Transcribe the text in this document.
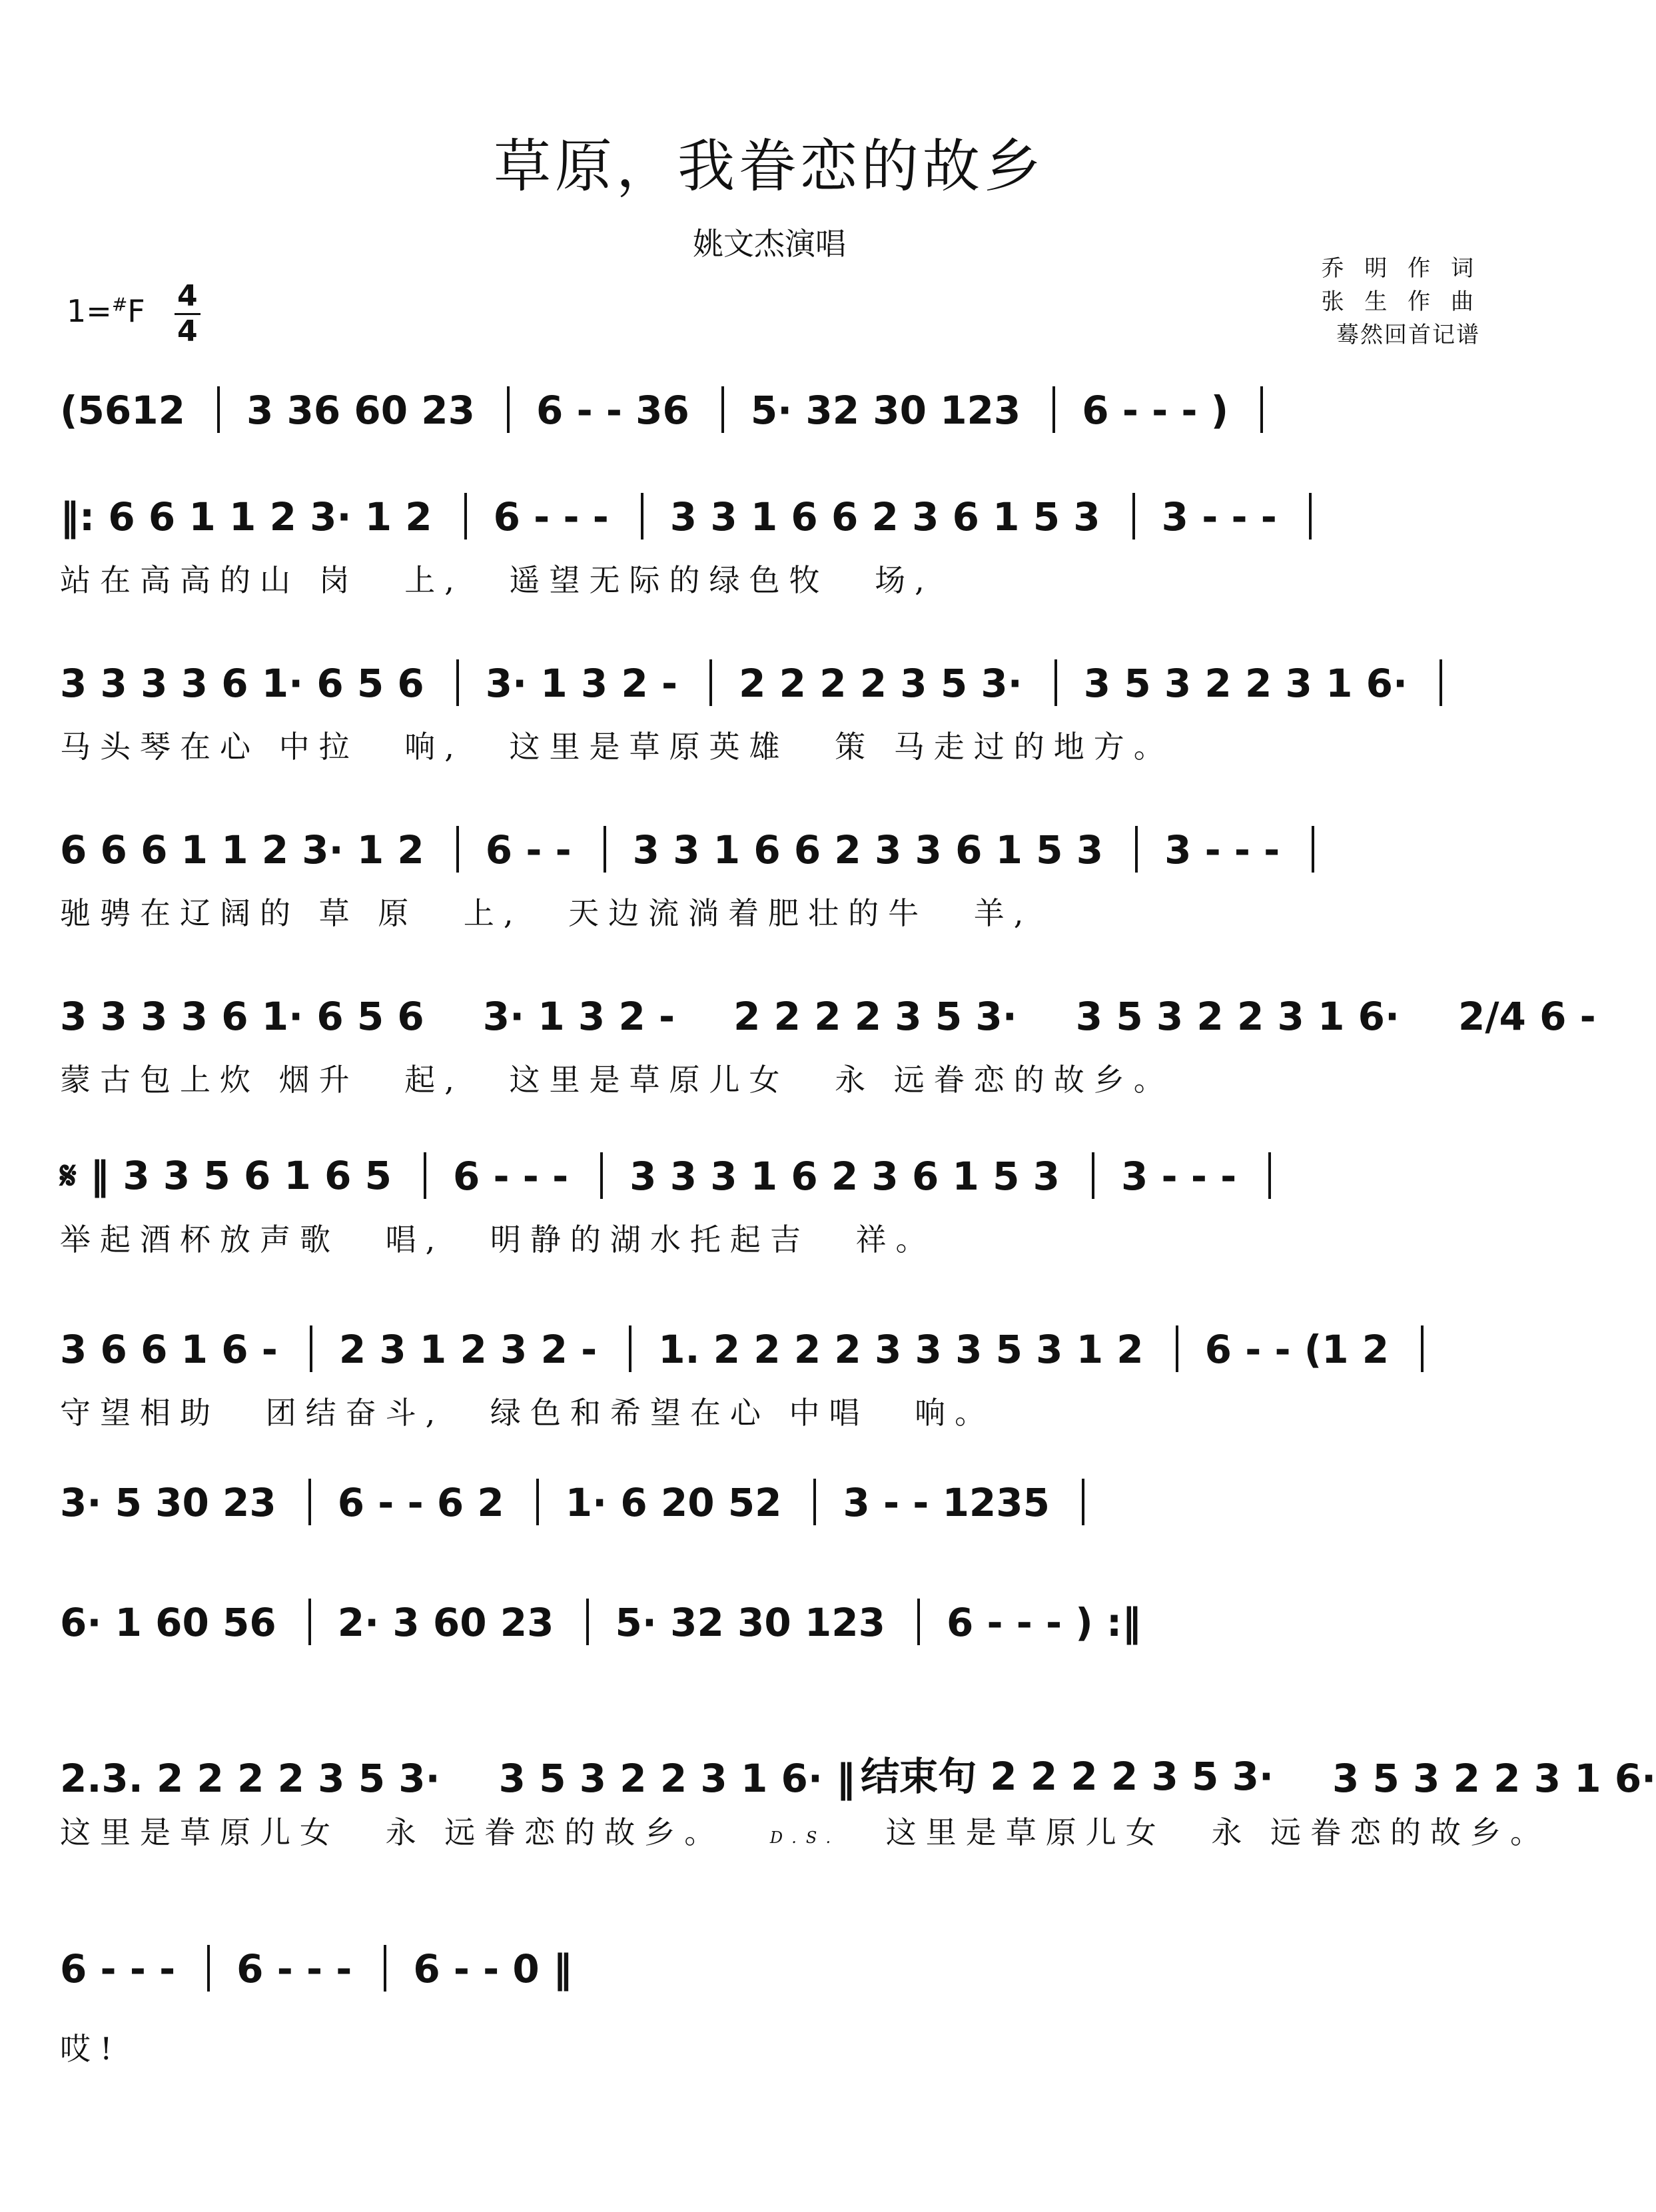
草原，我眷恋的故乡
姚文杰演唱
乔 明 作 词
张 生 作 曲
蓦然回首记谱
$1=^{\#}F \frac{4}{4}$
(5612 3 36 60 23 6 - - 36 5· 32 30 123 6 - - - )
‖: 6 6 1 1 2 3· 1 2 6 - - - 3 3 1 6 6 2 3 6 1 5 3 3 - - -
站在高高的山 岗 上, 遥望无际的绿色牧 场,
3 3 3 3 6 1· 6 5 6 3· 1 3 2 - 2 2 2 2 3 5 3· 3 5 3 2 2 3 1 6·
马头琴在心 中拉 响, 这里是草原英雄 策 马走过的地方。
6 6 6 1 1 2 3· 1 2 6 - - 3 3 1 6 6 2 3 3 6 1 5 3 3 - - -
驰骋在辽阔的 草 原 上, 天边流淌着肥壮的牛 羊,
3 3 3 3 6 1· 6 5 6 3· 1 3 2 - 2 2 2 2 3 5 3· 3 5 3 2 2 3 1 6· 2/4 6 -
蒙古包上炊 烟升 起, 这里是草原儿女 永 远眷恋的故乡。
𝄋 ‖ 3 3 5 6 1 6 5 6 - - - 3 3 3 1 6 2 3 6 1 5 3 3 - - -
举起酒杯放声歌 唱, 明静的湖水托起吉 祥。
3 6 6 1 6 - 2 3 1 2 3 2 - 1. 2 2 2 2 3 3 3 5 3 1 2 6 - - (1 2
守望相助 团结奋斗, 绿色和希望在心 中唱 响。
3· 5 30 23 6 - - 6 2 1· 6 20 52 3 - - 1235
6· 1 60 56 2· 3 60 23 5· 32 30 123 6 - - - ) :‖
2.3. 2 2 2 2 3 5 3· 3 5 3 2 2 3 1 6· ‖ 结束句 2 2 2 2 3 5 3· 3 5 3 2 2 3 1 6·
这里是草原儿女 永 远眷恋的故乡。	D.S. 这里是草原儿女 永 远眷恋的故乡。
6 - - - 6 - - - 6 - - 0 ‖
哎!
